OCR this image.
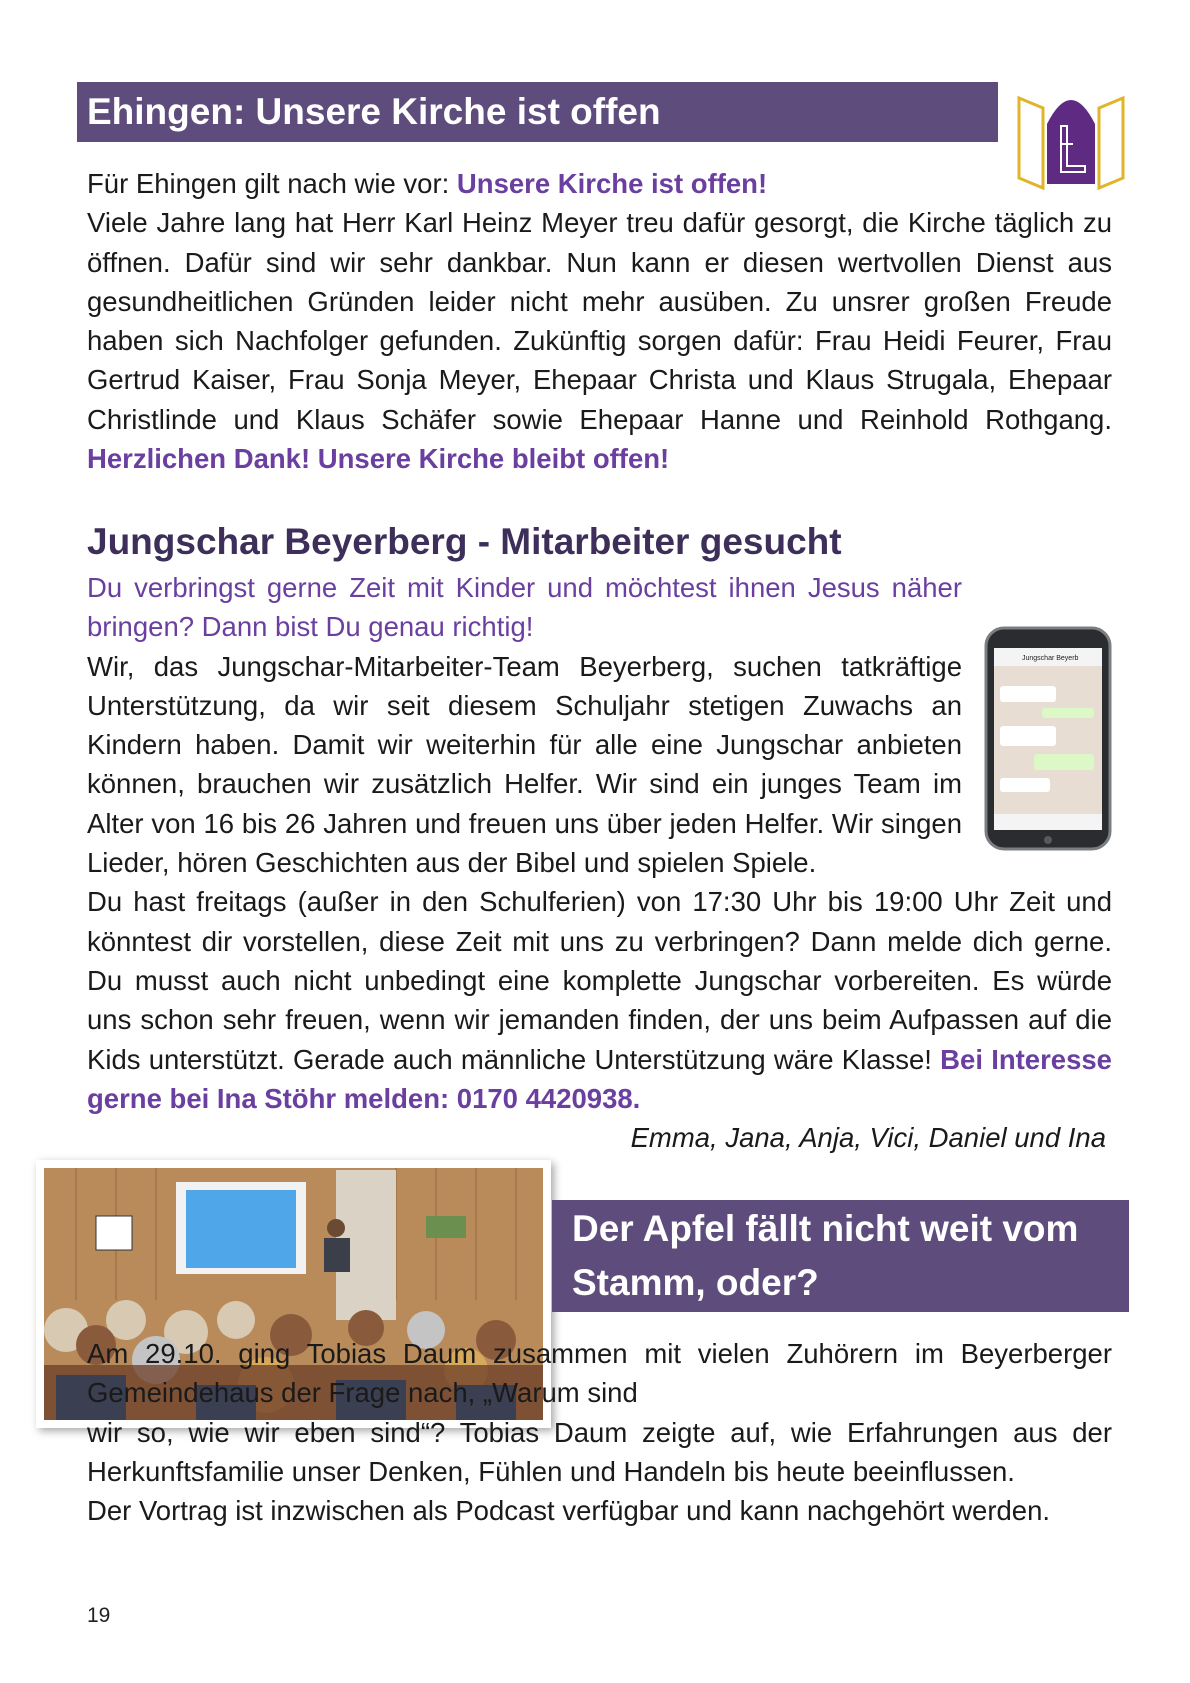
Ehingen: Unsere Kirche ist offen

Für Ehingen gilt nach wie vor: Unsere Kirche ist offen!

Viele Jahre lang hat Herr Karl Heinz Meyer treu dafür gesorgt, die Kirche täglich zu öffnen. Dafür sind wir sehr dankbar. Nun kann er diesen wertvollen Dienst aus gesundheitlichen Gründen leider nicht mehr ausüben. Zu unsrer großen Freude haben sich Nachfolger gefunden. Zukünftig sorgen dafür: Frau Heidi Feurer, Frau Gertrud Kaiser, Frau Sonja Meyer, Ehepaar Christa und Klaus Strugala, Ehepaar Christlinde und Klaus Schäfer sowie Ehepaar Hanne und Reinhold Rothgang. Herzlichen Dank! Unsere Kirche bleibt offen!

Jungschar Beyerberg - Mitarbeiter gesucht
Jungschar Beyerb

Du verbringst gerne Zeit mit Kinder und möchtest ihnen Jesus näher bringen? Dann bist Du genau richtig!

Wir, das Jungschar-Mitarbeiter-Team Beyerberg, suchen tatkräftige Unterstützung, da wir seit diesem Schuljahr stetigen Zuwachs an Kindern haben. Damit wir weiterhin für alle eine Jungschar anbieten können, brauchen wir zusätzlich Helfer. Wir sind ein junges Team im Alter von 16 bis 26 Jahren und freuen uns über jeden Helfer. Wir singen Lieder, hören Geschichten aus der Bibel und spielen Spiele.

Du hast freitags (außer in den Schulferien) von 17:30 Uhr bis 19:00 Uhr Zeit und könntest dir vorstellen, diese Zeit mit uns zu verbringen? Dann melde dich gerne. Du musst auch nicht unbedingt eine komplette Jungschar vorbereiten. Es würde uns schon sehr freuen, wenn wir jemanden finden, der uns beim Aufpassen auf die Kids unterstützt. Gerade auch männliche Unterstützung wäre Klasse! Bei Interesse gerne bei Ina Stöhr melden: 0170 4420938.

Emma, Jana, Anja, Vici, Daniel und Ina

Der Apfel fällt nicht weit vom
Stamm, oder?

Am 29.10. ging Tobias Daum zusammen mit vielen Zuhörern im Beyerberger Gemeindehaus der Frage nach, „Warum sind

wir so, wie wir eben sind“? Tobias Daum zeigte auf, wie Erfahrungen aus der Herkunftsfamilie unser Denken, Fühlen und Handeln bis heute beeinflussen.

Der Vortrag ist inzwischen als Podcast verfügbar und kann nachgehört werden.

19
